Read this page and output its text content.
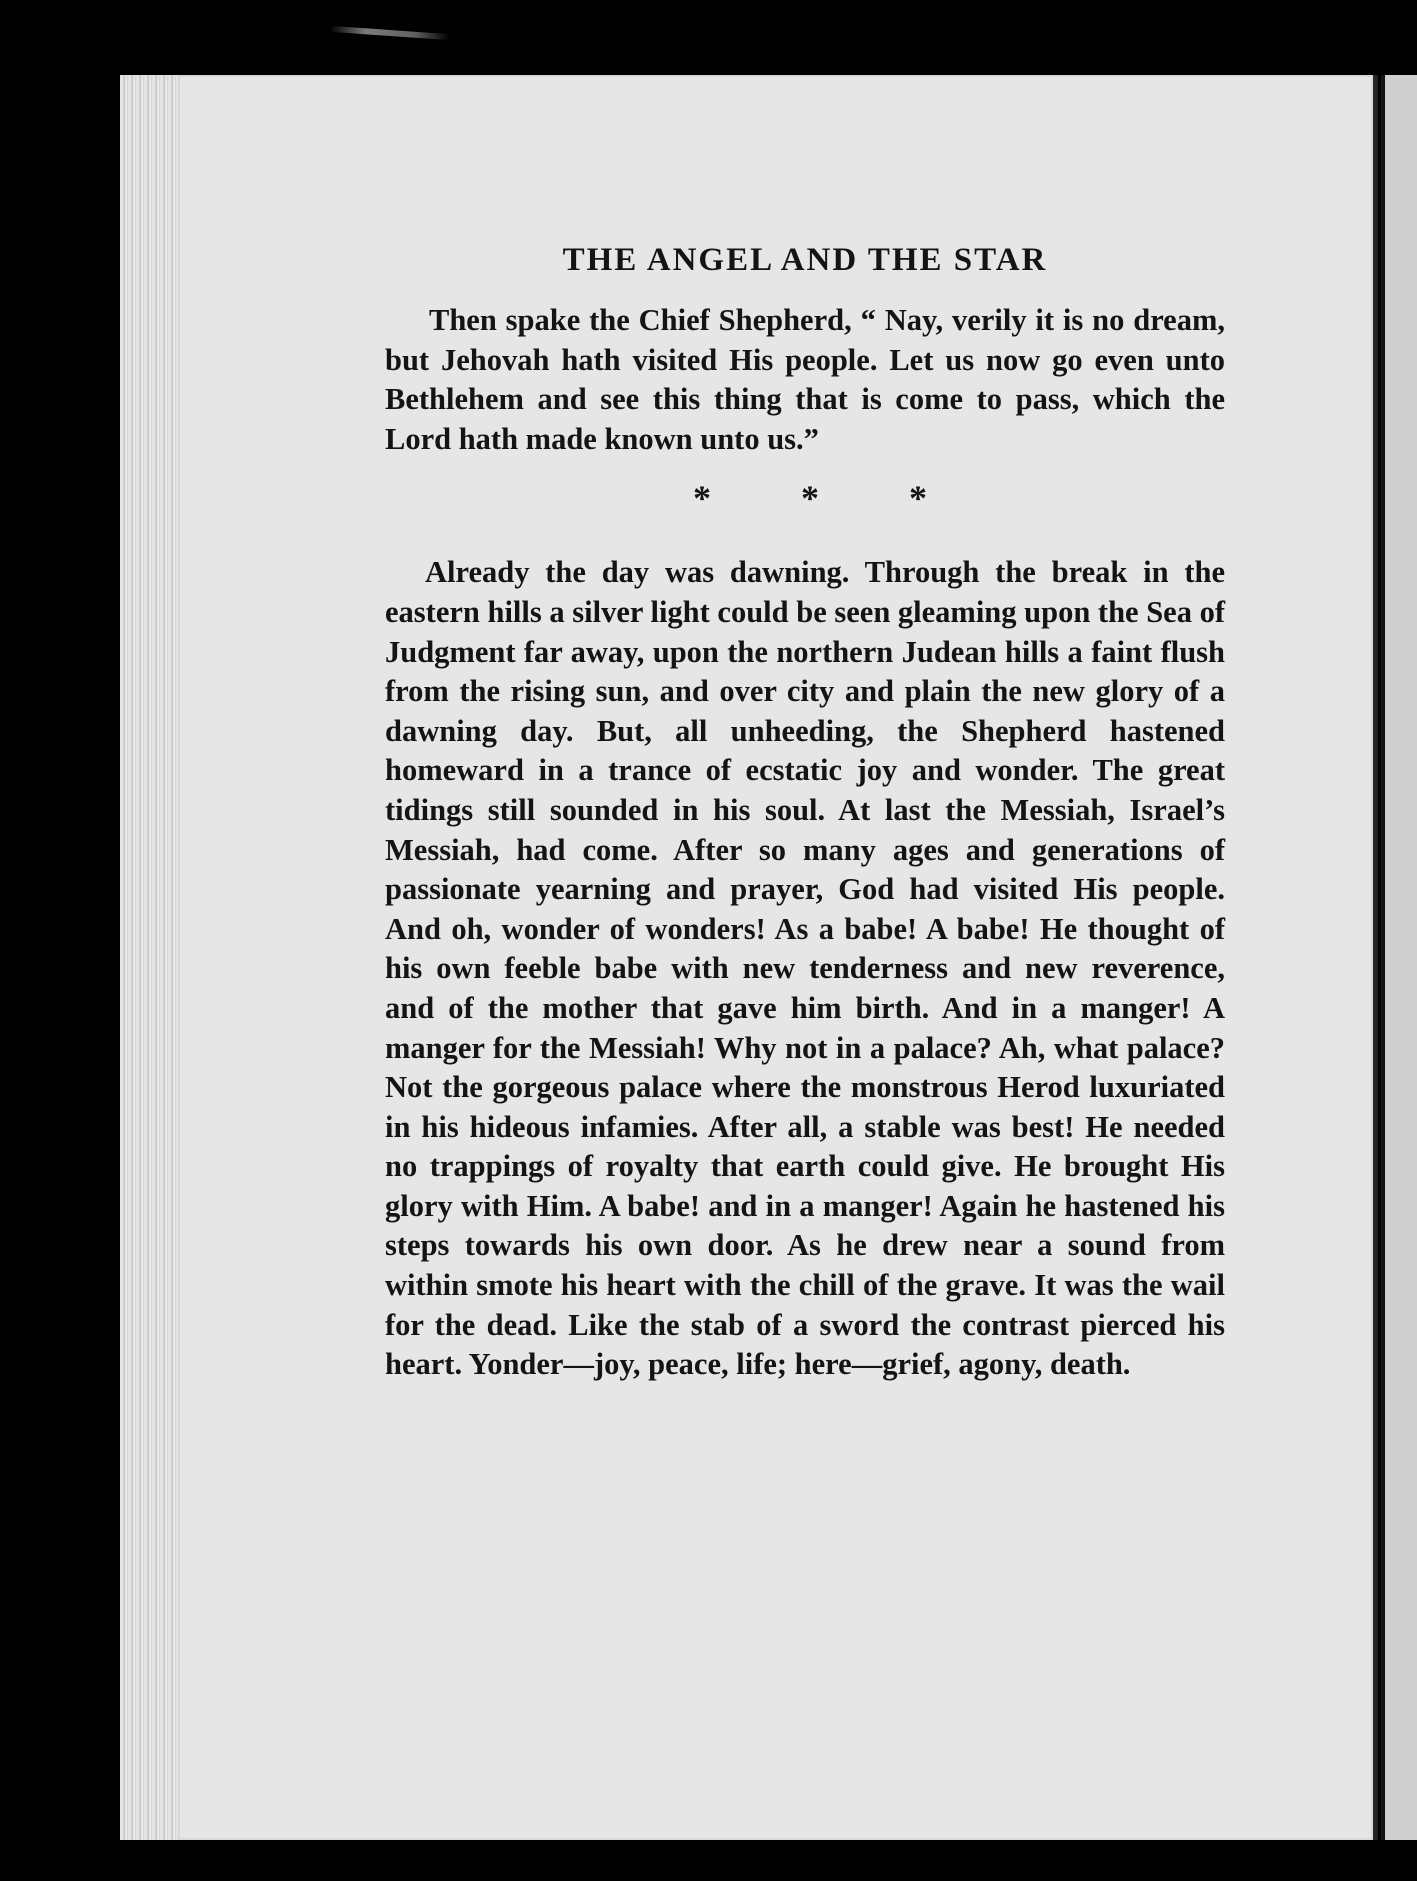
THE ANGEL AND THE STAR

Then spake the Chief Shepherd, “ Nay, verily it is no dream, but Jehovah hath visited His people. Let us now go even unto Bethlehem and see this thing that is come to pass, which the Lord hath made known unto us.”

*	*	*

Already the day was dawning. Through the break in the eastern hills a silver light could be seen gleaming upon the Sea of Judgment far away, upon the northern Judean hills a faint flush from the rising sun, and over city and plain the new glory of a dawning day. But, all unheeding, the Shepherd hastened homeward in a trance of ecstatic joy and wonder. The great tidings still sounded in his soul. At last the Messiah, Israel’s Messiah, had come. After so many ages and generations of passionate yearning and prayer, God had visited His people. And oh, wonder of wonders! As a babe! A babe! He thought of his own feeble babe with new tenderness and new reverence, and of the mother that gave him birth. And in a manger! A manger for the Messiah! Why not in a palace? Ah, what palace? Not the gorgeous palace where the monstrous Herod luxuriated in his hideous infamies. After all, a stable was best! He needed no trappings of royalty that earth could give. He brought His glory with Him. A babe! and in a manger! Again he hastened his steps towards his own door. As he drew near a sound from within smote his heart with the chill of the grave. It was the wail for the dead. Like the stab of a sword the contrast pierced his heart. Yonder—joy, peace, life; here—grief, agony, death.
